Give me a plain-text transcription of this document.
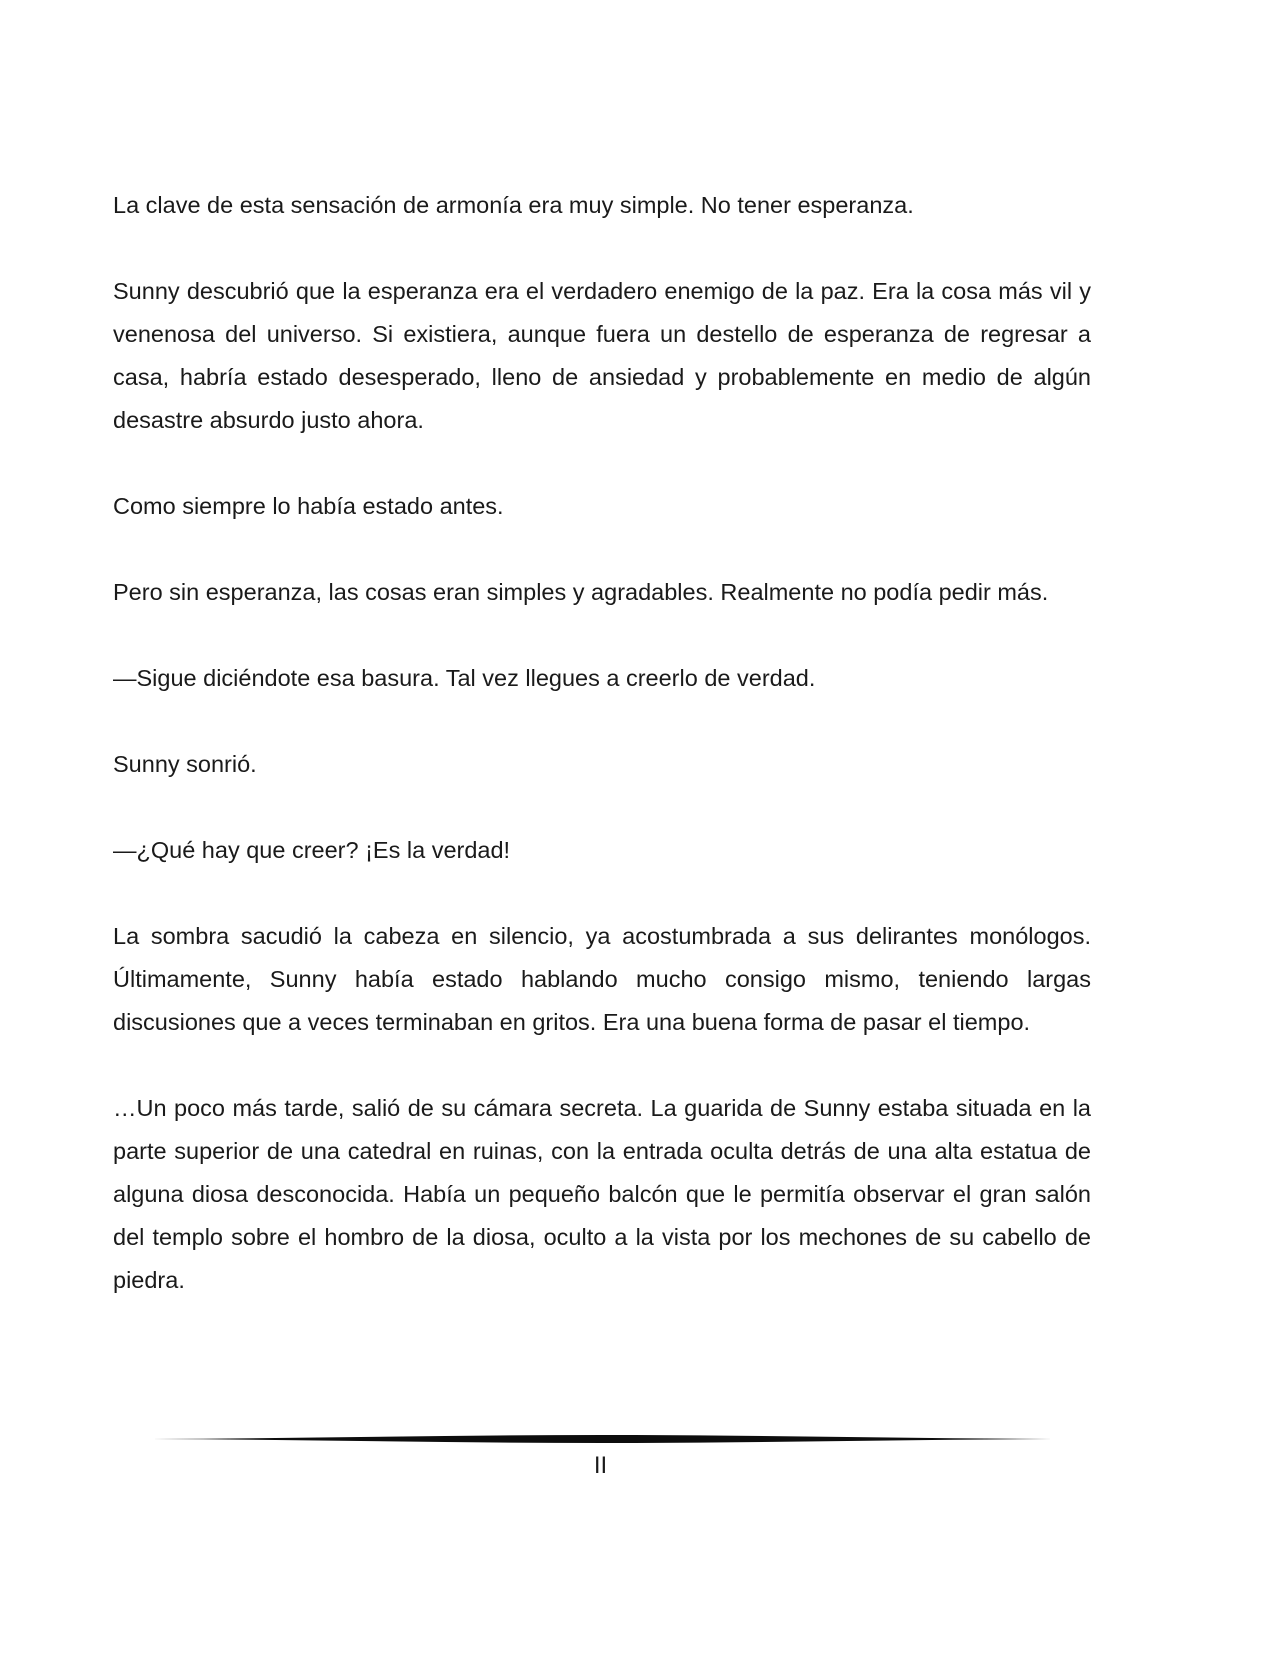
La clave de esta sensación de armonía era muy simple. No tener esperanza.

Sunny descubrió que la esperanza era el verdadero enemigo de la paz. Era la cosa más vil y venenosa del universo. Si existiera, aunque fuera un destello de esperanza de regresar a casa, habría estado desesperado, lleno de ansiedad y probablemente en medio de algún desastre absurdo justo ahora.

Como siempre lo había estado antes.

Pero sin esperanza, las cosas eran simples y agradables. Realmente no podía pedir más.

—Sigue diciéndote esa basura. Tal vez llegues a creerlo de verdad.

Sunny sonrió.

—¿Qué hay que creer? ¡Es la verdad!

La sombra sacudió la cabeza en silencio, ya acostumbrada a sus delirantes monólogos. Últimamente, Sunny había estado hablando mucho consigo mismo, teniendo largas discusiones que a veces terminaban en gritos. Era una buena forma de pasar el tiempo.

…Un poco más tarde, salió de su cámara secreta. La guarida de Sunny estaba situada en la parte superior de una catedral en ruinas, con la entrada oculta detrás de una alta estatua de alguna diosa desconocida. Había un pequeño balcón que le permitía observar el gran salón del templo sobre el hombro de la diosa, oculto a la vista por los mechones de su cabello de piedra.

II
